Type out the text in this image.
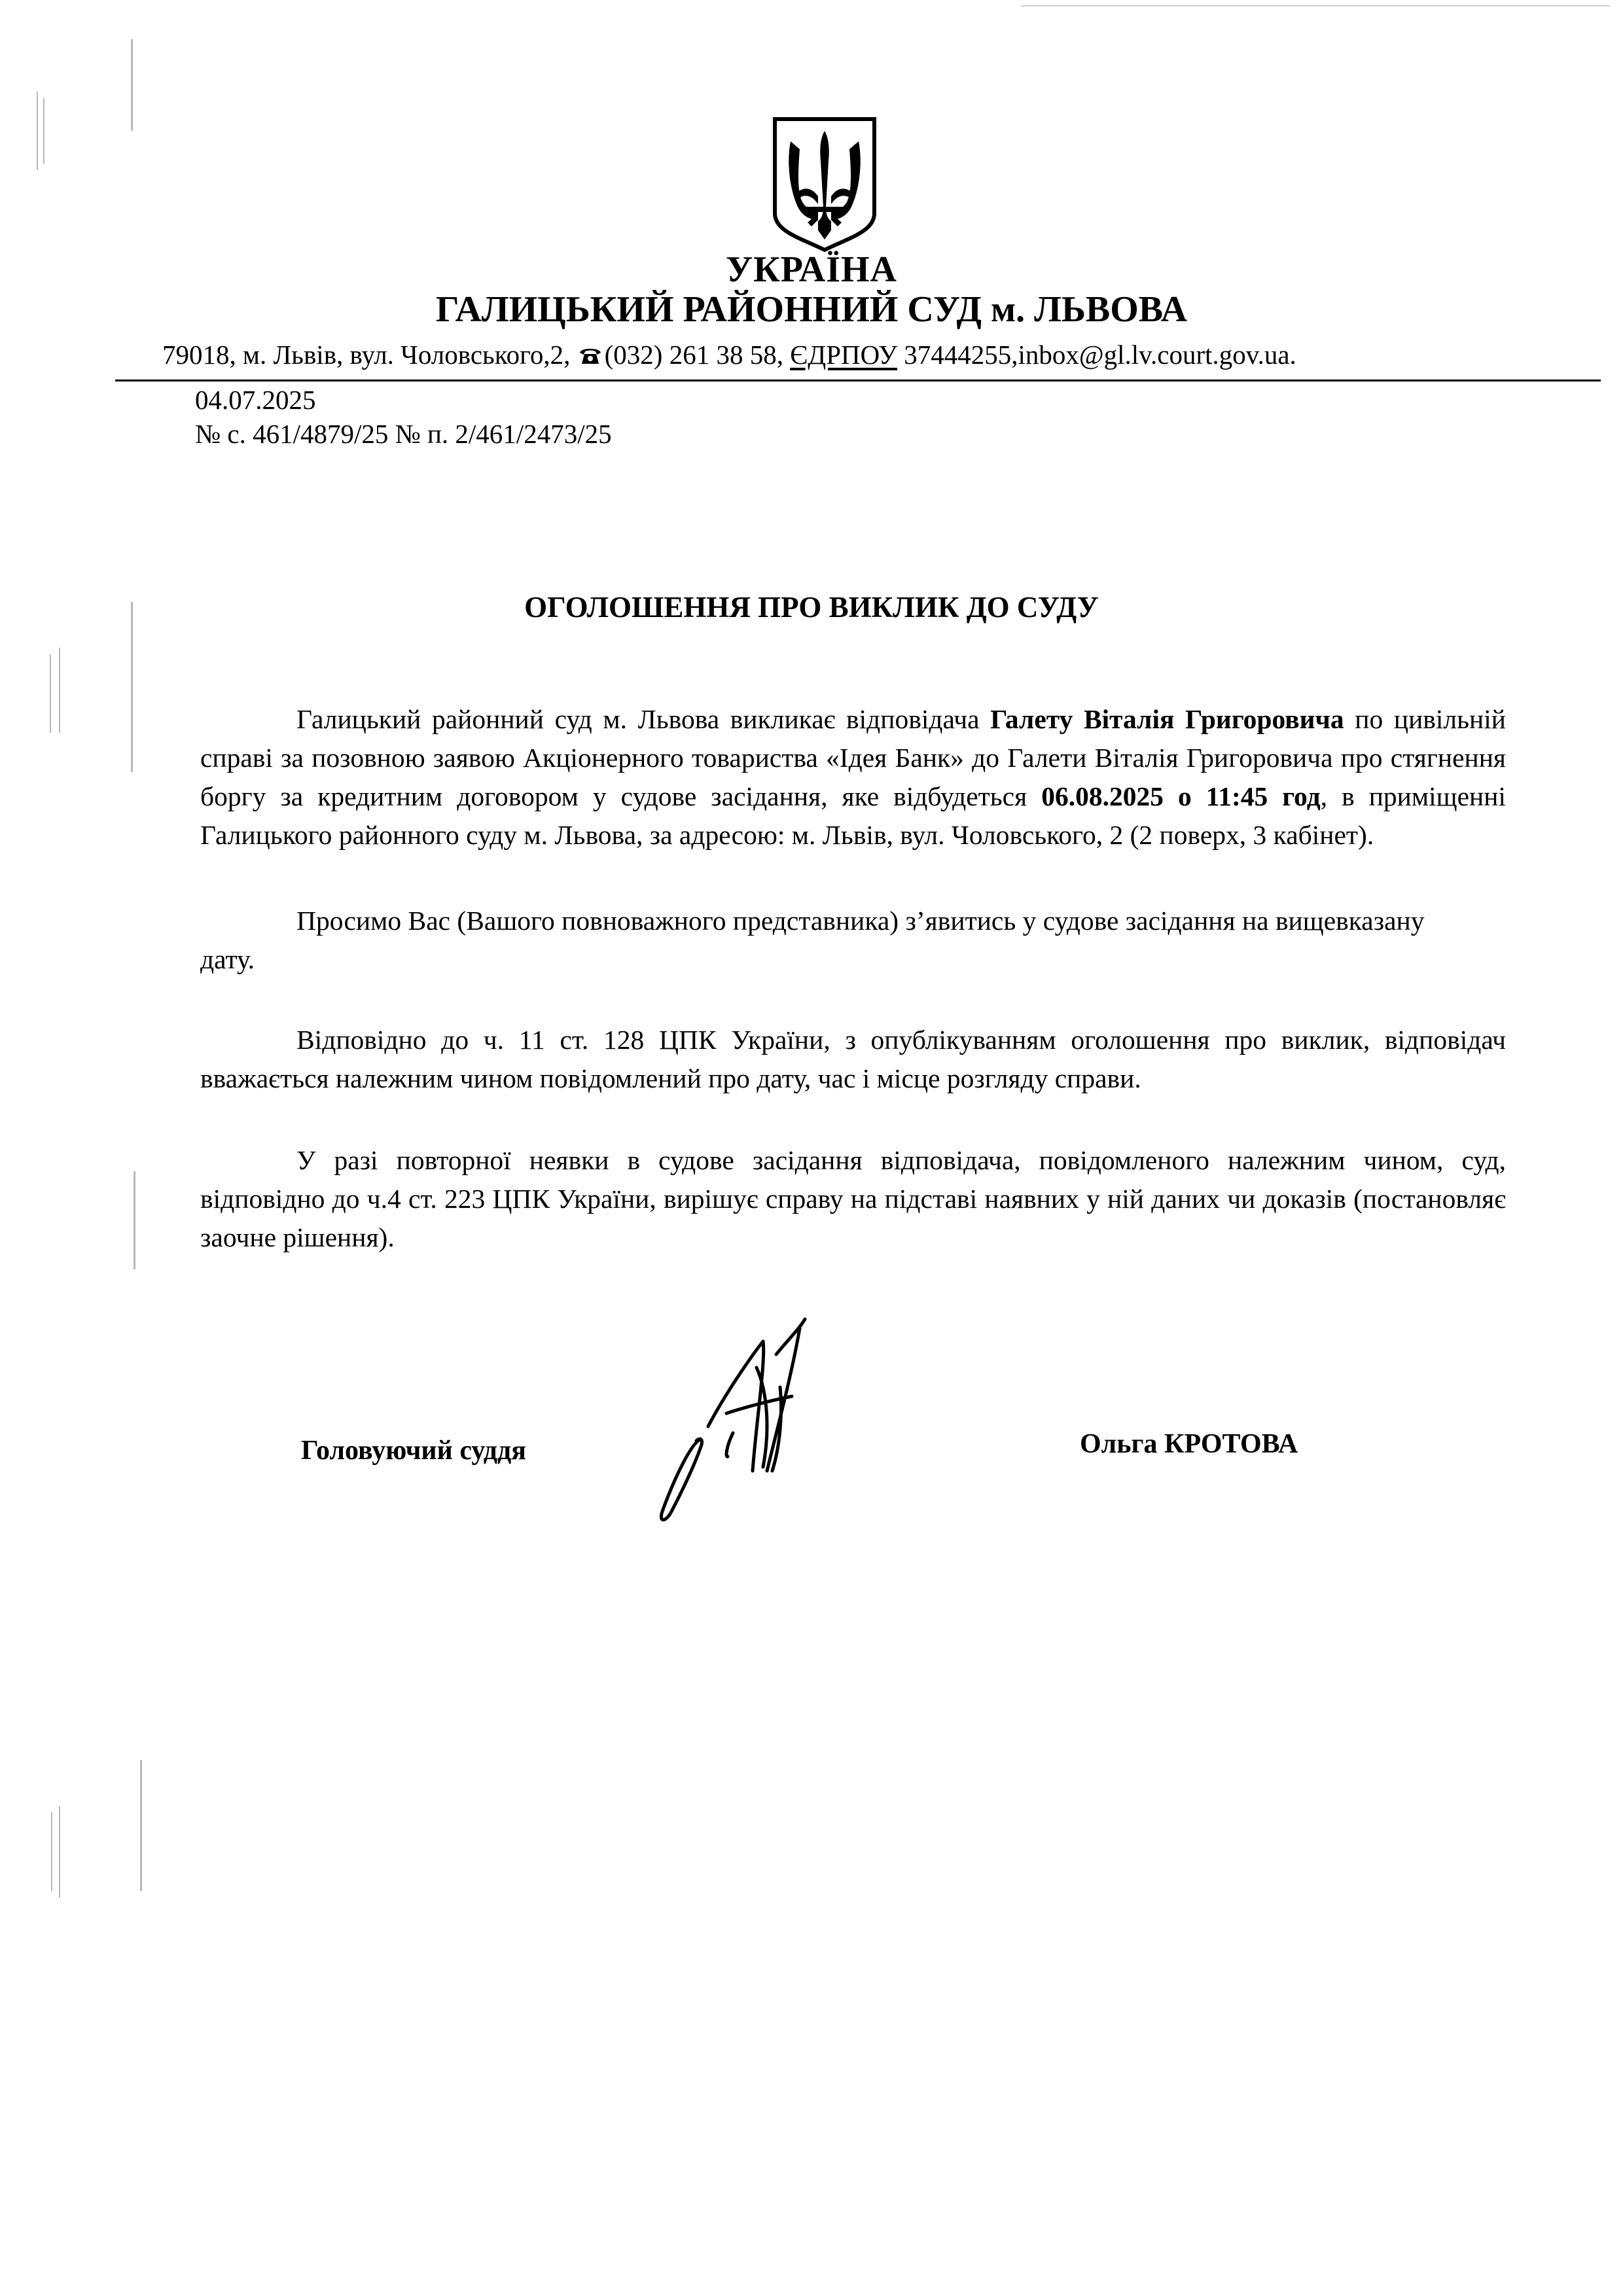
УКРАЇНА
ГАЛИЦЬКИЙ РАЙОННИЙ СУД м. ЛЬВОВА
79018, м. Львів, вул. Чоловського,2, (032) 261 38 58, ЄДРПОУ 37444255,inbox@gl.lv.court.gov.ua.
04.07.2025
№ с. 461/4879/25 № п. 2/461/2473/25
ОГОЛОШЕННЯ ПРО ВИКЛИК ДО СУДУ

Галицький районний суд м. Львова викликає відповідача Галету Віталія Григоровича по цивільній справі за позовною заявою Акціонерного товариства «Ідея Банк» до Галети Віталія Григоровича про стягнення боргу за кредитним договором у судове засідання, яке відбудеться 06.08.2025 о 11:45 год, в приміщенні Галицького районного суду м. Львова, за адресою: м. Львів, вул. Чоловського, 2 (2 поверх, 3 кабінет).

Просимо Вас (Вашого повноважного представника) з’явитись у судове засідання на вищевказану дату.

Відповідно до ч. 11 ст. 128 ЦПК України, з опублікуванням оголошення про виклик, відповідач вважається належним чином повідомлений про дату, час і місце розгляду справи.

У разі повторної неявки в судове засідання відповідача, повідомленого належним чином, суд, відповідно до ч.4 ст. 223 ЦПК України, вирішує справу на підставі наявних у ній даних чи доказів (постановляє заочне рішення).

Головуючий суддя	Ольга КРОТОВА
